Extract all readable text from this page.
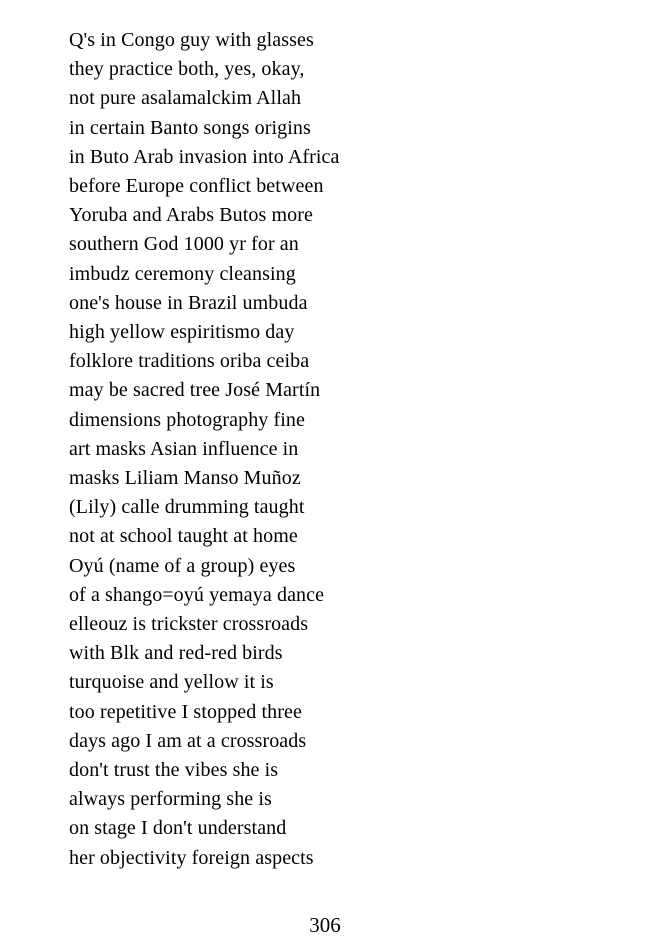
Q's in Congo guy with glasses
they practice both, yes, okay,
not pure asalamalckim Allah
in certain Banto songs origins
in Buto Arab invasion into Africa
before Europe conflict between
Yoruba and Arabs Butos more
southern God 1000 yr for an
imbudz ceremony cleansing
one's house in Brazil umbuda
high yellow espiritismo day
folklore traditions oriba ceiba
may be sacred tree José Martín
dimensions photography fine
art masks Asian influence in
masks Liliam Manso Muñoz
(Lily) calle drumming taught
not at school taught at home
Oyú (name of a group) eyes
of a shango=oyú yemaya dance
elleouz is trickster crossroads
with Blk and red-red birds
turquoise and yellow it is
too repetitive I stopped three
days ago I am at a crossroads
don't trust the vibes she is
always performing she is
on stage I don't understand
her objectivity foreign aspects
306
